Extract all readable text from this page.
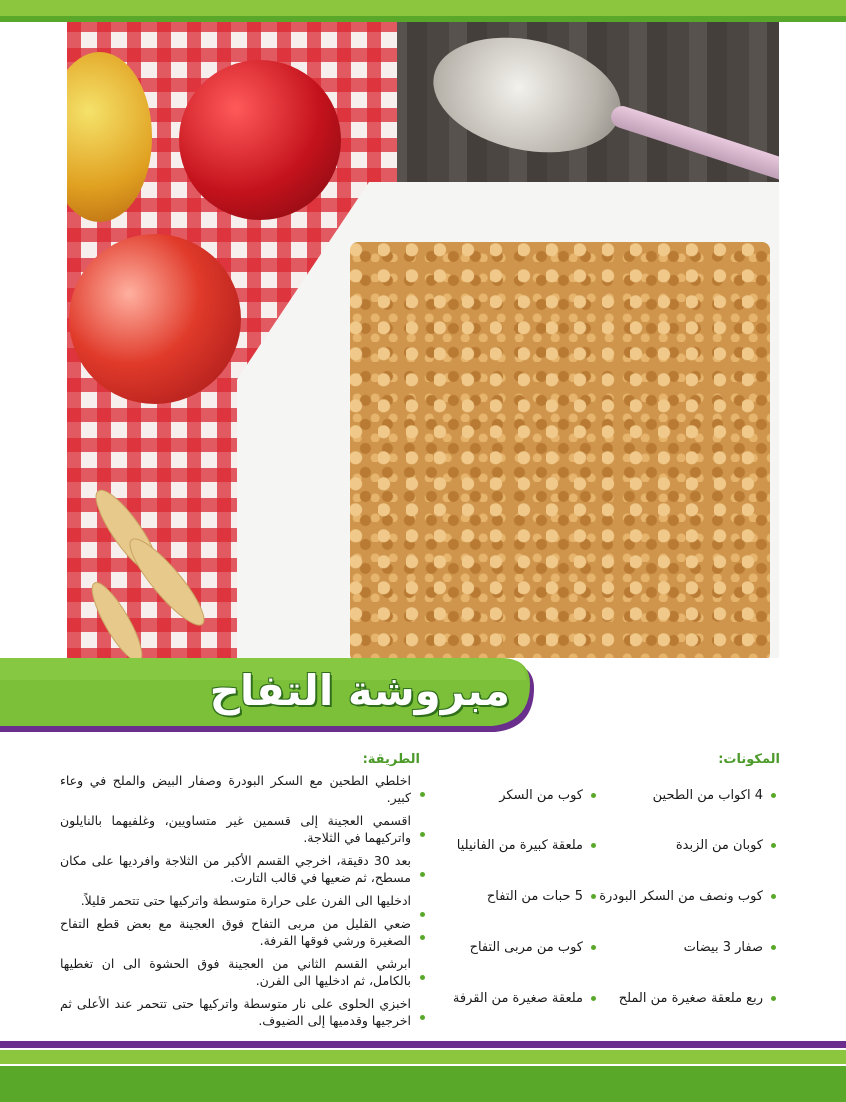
مبروشة التفاح
المكونات:
4 اكواب من الطحين
كوبان من الزبدة
كوب ونصف من السكر البودرة
صفار 3 بيضات
ربع ملعقة صغيرة من الملح
كوب من السكر
ملعقة كبيرة من الفانيليا
5 حبات من التفاح
كوب من مربى التفاح
ملعقة صغيرة من القرفة
الطريقة:
اخلطي الطحين مع السكر البودرة وصفار البيض والملح في وعاء كبير.
اقسمي العجينة إلى قسمين غير متساويين، وغلفيهما بالنايلون واتركيهما في الثلاجة.
بعد 30 دقيقة، اخرجي القسم الأكبر من الثلاجة وافرديها على مكان مسطح، ثم ضعيها في قالب التارت.
ادخليها الى الفرن على حرارة متوسطة واتركيها حتى تتحمر قليلاً.
ضعي القليل من مربى التفاح فوق العجينة مع بعض قطع التفاح الصغيرة ورشي فوقها القرفة.
ابرشي القسم الثاني من العجينة فوق الحشوة الى ان تغطيها بالكامل، ثم ادخليها الى الفرن.
اخبزي الحلوى على نار متوسطة واتركيها حتى تتحمر عند الأعلى ثم اخرجيها وقدميها إلى الضيوف.
